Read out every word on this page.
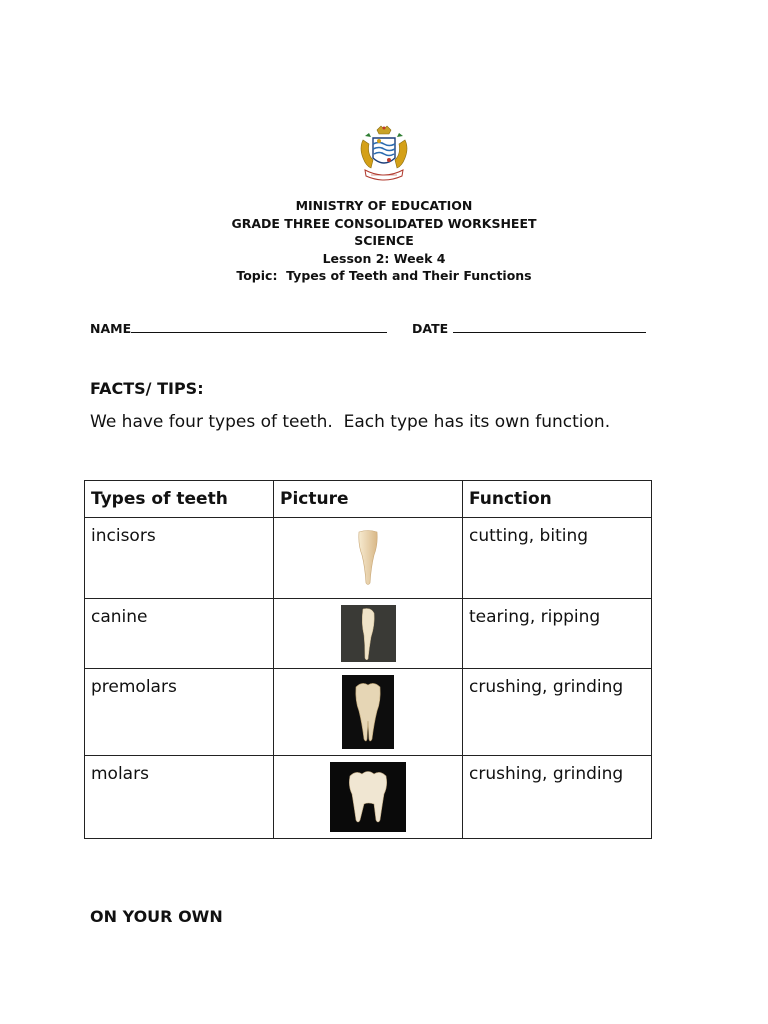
MINISTRY OF EDUCATION
GRADE THREE CONSOLIDATED WORKSHEET
SCIENCE
Lesson 2: Week 4
Topic:  Types of Teeth and Their Functions
NAME	DATE
FACTS/ TIPS:
We have four types of teeth.  Each type has its own function.
Types of teeth	Picture	Function
incisors		cutting, biting
canine		tearing, ripping
premolars		crushing, grinding
molars		crushing, grinding
ON YOUR OWN
